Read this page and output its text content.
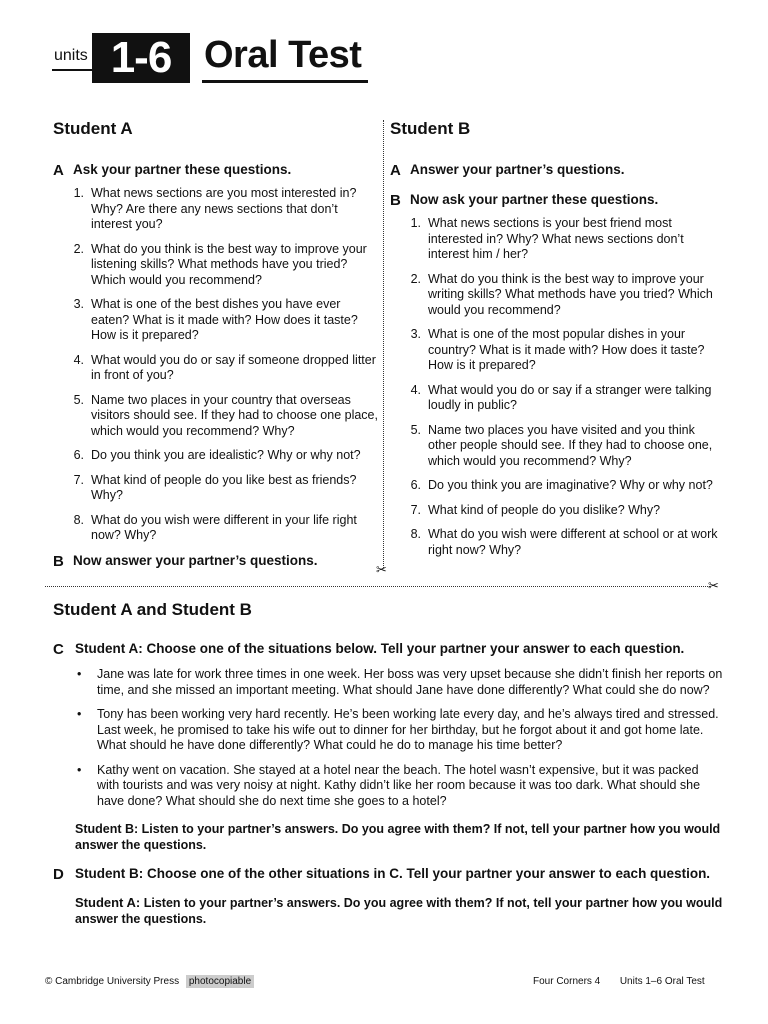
units 1-6 Oral Test
Student A
A Ask your partner these questions.
1. What news sections are you most interested in? Why? Are there any news sections that don’t interest you?
2. What do you think is the best way to improve your listening skills? What methods have you tried? Which would you recommend?
3. What is one of the best dishes you have ever eaten? What is it made with? How does it taste? How is it prepared?
4. What would you do or say if someone dropped litter in front of you?
5. Name two places in your country that overseas visitors should see. If they had to choose one place, which would you recommend? Why?
6. Do you think you are idealistic? Why or why not?
7. What kind of people do you like best as friends? Why?
8. What do you wish were different in your life right now? Why?
B Now answer your partner’s questions.
✂
Student B
A Answer your partner’s questions.
B Now ask your partner these questions.
1. What news sections is your best friend most interested in? Why? What news sections don’t interest him / her?
2. What do you think is the best way to improve your writing skills? What methods have you tried? Which would you recommend?
3. What is one of the most popular dishes in your country? What is it made with? How does it taste? How is it prepared?
4. What would you do or say if a stranger were talking loudly in public?
5. Name two places you have visited and you think other people should see. If they had to choose one, which would you recommend? Why?
6. Do you think you are imaginative? Why or why not?
7. What kind of people do you dislike? Why?
8. What do you wish were different at school or at work right now? Why?
✂
Student A and Student B
C Student A: Choose one of the situations below. Tell your partner your answer to each question.
•	Jane was late for work three times in one week. Her boss was very upset because she didn’t finish her reports on time, and she missed an important meeting. What should Jane have done differently? What could she do now?
•	Tony has been working very hard recently. He’s been working late every day, and he’s always tired and stressed. Last week, he promised to take his wife out to dinner for her birthday, but he forgot about it and got home late. What should he have done differently? What could he do to manage his time better?
•	Kathy went on vacation. She stayed at a hotel near the beach. The hotel wasn’t expensive, but it was packed with tourists and was very noisy at night. Kathy didn’t like her room because it was too dark. What should she have done? What should she do next time she goes to a hotel?
Student B: Listen to your partner’s answers. Do you agree with them? If not, tell your partner how you would answer the questions.
D Student B: Choose one of the other situations in C. Tell your partner your answer to each question.
Student A: Listen to your partner’s answers. Do you agree with them? If not, tell your partner how you would answer the questions.
© Cambridge University Press photocopiable	Four Corners 4 Units 1–6 Oral Test
